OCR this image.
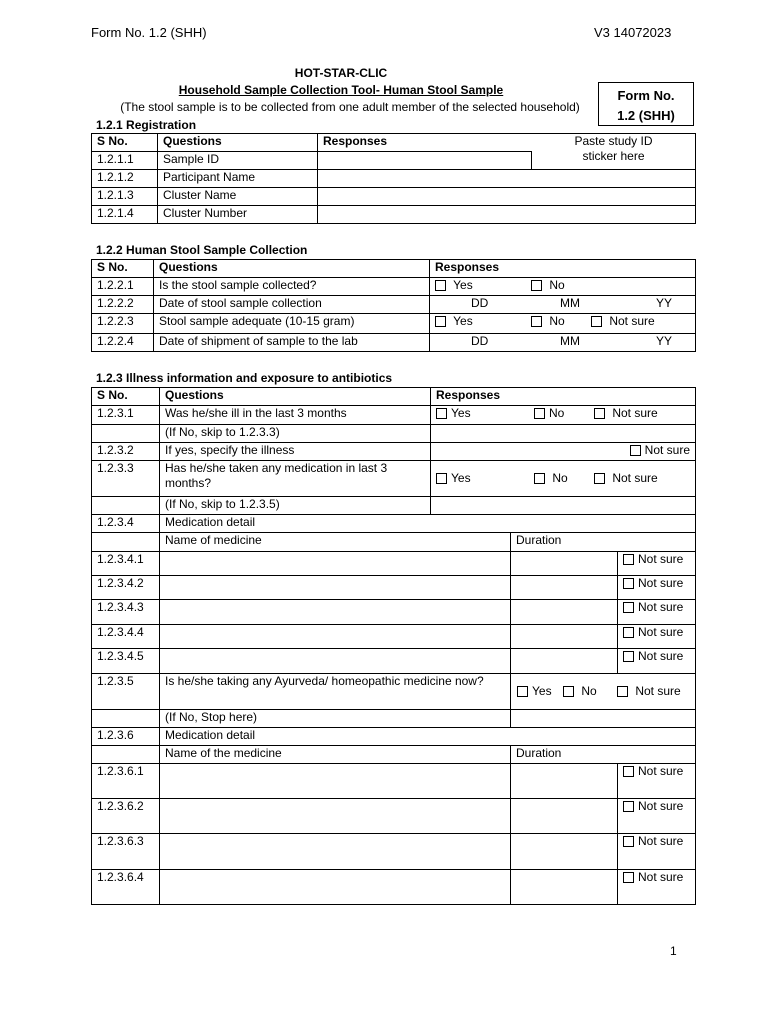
Form No. 1.2 (SHH)	V3 14072023
HOT-STAR-CLIC
Household Sample Collection Tool- Human Stool Sample
(The stool sample is to be collected from one adult member of the selected household)
Form No.
1.2 (SHH)
1.2.1 Registration
S No.	Questions	Responses	Paste study ID
sticker here

1.2.1.1	Sample ID		
1.2.1.2	Participant Name		
1.2.1.3	Cluster Name		
1.2.1.4	Cluster Number		
1.2.2 Human Stool Sample Collection
S No.	Questions	Responses
1.2.2.1	Is the stool sample collected?	Yes No
1.2.2.2	Date of stool sample collection	DD MM YY
1.2.2.3	Stool sample adequate (10-15 gram)	Yes No Not sure
1.2.2.4	Date of shipment of sample to the lab	DD MM YY
1.2.3 Illness information and exposure to antibiotics
S No.	Questions	Responses		
1.2.3.1	Was he/she ill in the last 3 months	Yes No Not sure		
	(If No, skip to 1.2.3.3)			
1.2.3.2	If yes, specify the illness	Not sure		
1.2.3.3	Has he/she taken any medication in last 3 months?	Yes No Not sure		
	(If No, skip to 1.2.3.5)			
1.2.3.4	Medication detail			
	Name of medicine		Duration	
1.2.3.4.1				Not sure
1.2.3.4.2				Not sure
1.2.3.4.3				Not sure
1.2.3.4.4				Not sure
1.2.3.4.5				Not sure
1.2.3.5	Is he/she taking any Ayurveda/ homeopathic medicine now?		Yes No Not sure	
	(If No, Stop here)			
1.2.3.6	Medication detail			
	Name of the medicine		Duration	
1.2.3.6.1				Not sure
1.2.3.6.2				Not sure
1.2.3.6.3				Not sure
1.2.3.6.4				Not sure
1
